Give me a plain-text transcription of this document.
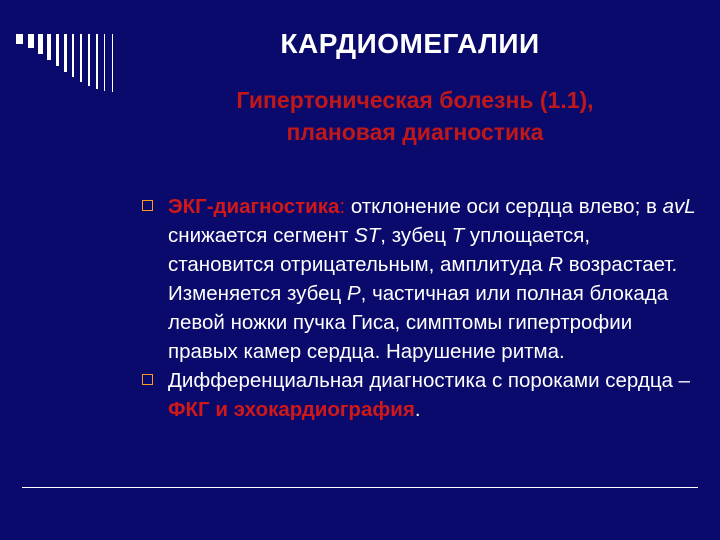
КАРДИОМЕГАЛИИ
Гипертоническая болезнь (1.1),
плановая диагностика

ЭКГ-диагностика: отклонение оси сердца влево; в avL снижается сегмент ST, зубец T уплощается, становится отрицательным, амплитуда R возрастает. Изменяется зубец P, частичная или полная блокада левой ножки пучка Гиса, симптомы гипертрофии правых камер сердца. Нарушение ритма.

Дифференциальная диагностика с пороками сердца – ФКГ и эхокардиография.
